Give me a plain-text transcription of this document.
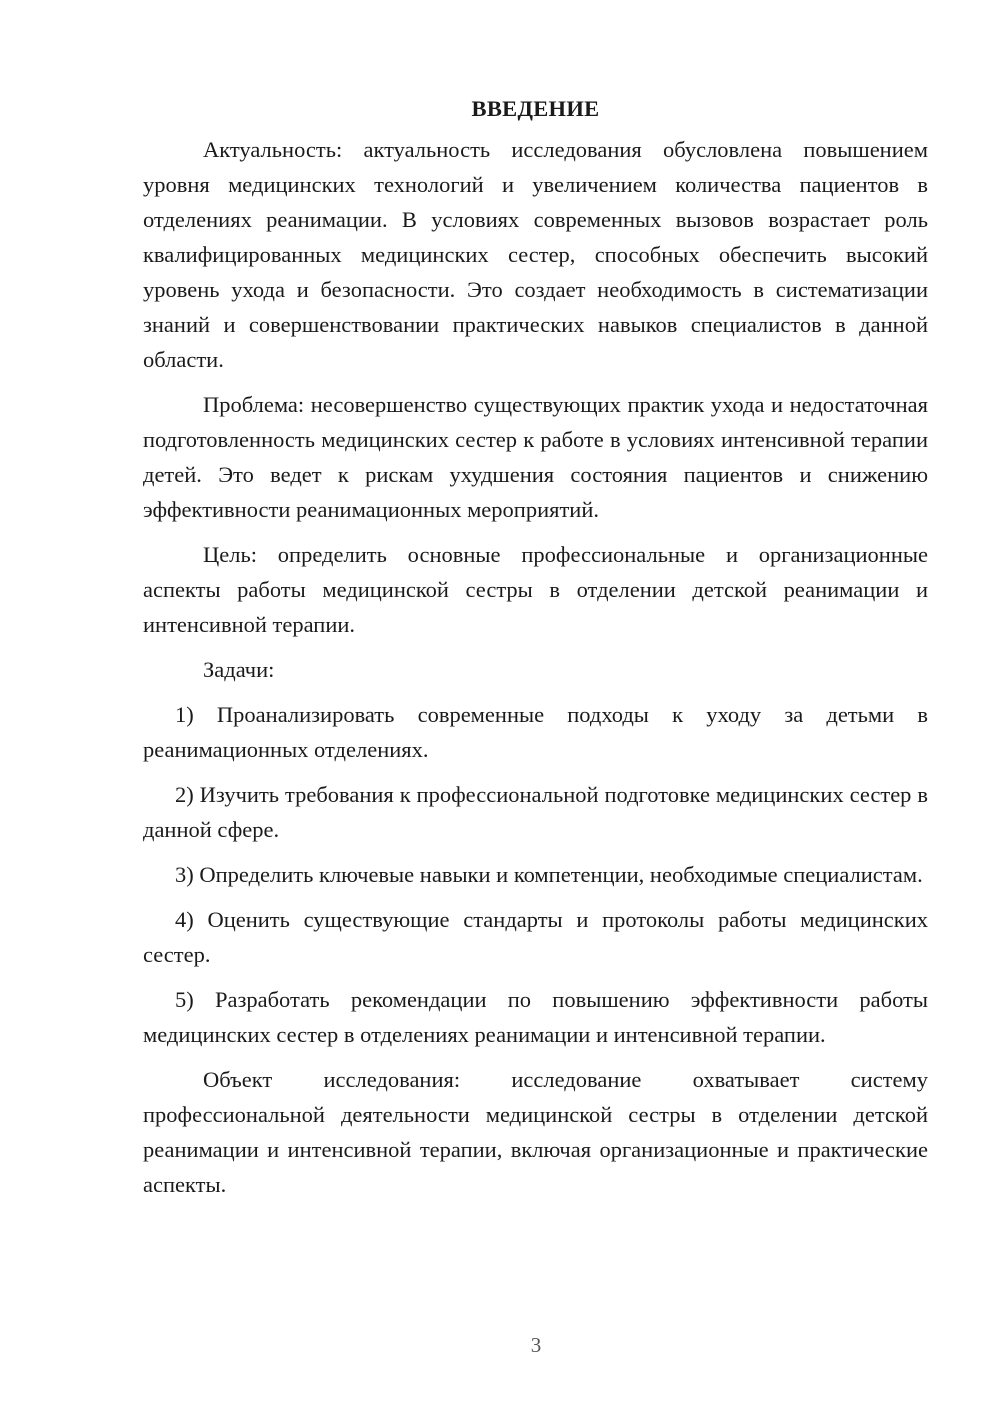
ВВЕДЕНИЕ

Актуальность: актуальность исследования обусловлена повышением уровня медицинских технологий и увеличением количества пациентов в отделениях реанимации. В условиях современных вызовов возрастает роль квалифицированных медицинских сестер, способных обеспечить высокий уровень ухода и безопасности. Это создает необходимость в систематизации знаний и совершенствовании практических навыков специалистов в данной области.

Проблема: несовершенство существующих практик ухода и недостаточная подготовленность медицинских сестер к работе в условиях интенсивной терапии детей. Это ведет к рискам ухудшения состояния пациентов и снижению эффективности реанимационных мероприятий.

Цель: определить основные профессиональные и организационные аспекты работы медицинской сестры в отделении детской реанимации и интенсивной терапии.

Задачи:

1) Проанализировать современные подходы к уходу за детьми в реанимационных отделениях.

2) Изучить требования к профессиональной подготовке медицинских сестер в данной сфере.

3) Определить ключевые навыки и компетенции, необходимые специалистам.

4) Оценить существующие стандарты и протоколы работы медицинских сестер.

5) Разработать рекомендации по повышению эффективности работы медицинских сестер в отделениях реанимации и интенсивной терапии.

Объект исследования: исследование охватывает систему профессиональной деятельности медицинской сестры в отделении детской реанимации и интенсивной терапии, включая организационные и практические аспекты.

3
